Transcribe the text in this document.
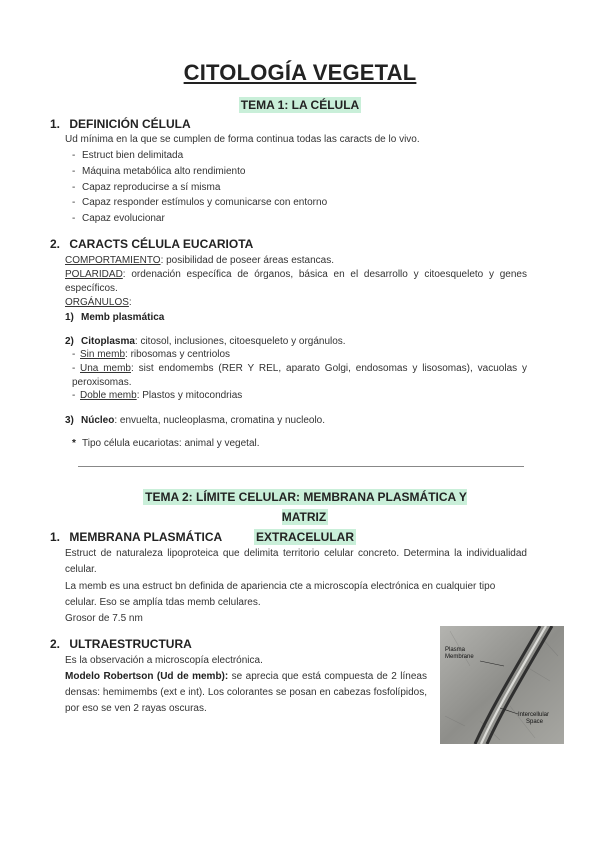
CITOLOGÍA VEGETAL
TEMA 1: LA CÉLULA
1. DEFINICIÓN CÉLULA
Ud mínima en la que se cumplen de forma continua todas las caracts de lo vivo.
- Estruct bien delimitada
- Máquina metabólica alto rendimiento
- Capaz reproducirse a sí misma
- Capaz responder estímulos y comunicarse con entorno
- Capaz evolucionar
2. CARACTS CÉLULA EUCARIOTA
COMPORTAMIENTO: posibilidad de poseer áreas estancas.
POLARIDAD: ordenación específica de órganos, básica en el desarrollo y citoesqueleto y genes específicos.
ORGÁNULOS:
1) Memb plasmática
2) Citoplasma: citosol, inclusiones, citoesqueleto y orgánulos.
- Sin memb: ribosomas y centriolos
- Una memb: sist endomembs (RER Y REL, aparato Golgi, endosomas y lisosomas), vacuolas y peroxisomas.
- Doble memb: Plastos y mitocondrias
3) Núcleo: envuelta, nucleoplasma, cromatina y nucleolo.
* Tipo célula eucariotas: animal y vegetal.
TEMA 2: LÍMITE CELULAR: MEMBRANA PLASMÁTICA Y MATRIZ
EXTRACELULAR
1. MEMBRANA PLASMÁTICA
Estruct de naturaleza lipoproteica que delimita territorio celular concreto. Determina la individualidad celular.
La memb es una estruct bn definida de apariencia cte a microscopía electrónica en cualquier tipo celular. Eso se amplía tdas memb celulares.
Grosor de 7.5 nm
2. ULTRAESTRUCTURA
Es la observación a microscopía electrónica.
Modelo Robertson (Ud de memb): se aprecia que está compuesta de 2 líneas densas: hemimembs (ext e int). Los colorantes se posan en cabezas fosfolípidos, por eso se ven 2 rayas oscuras.
Plasma
Membrane
Intercellular
Space
